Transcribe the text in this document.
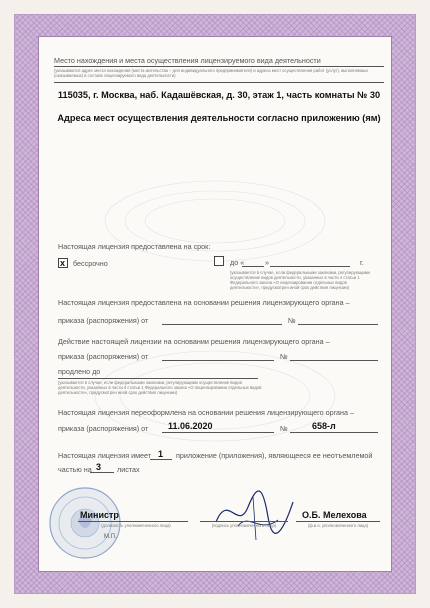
Место нахождения и места осуществления лицензируемого вида деятельности
(указываются адрес места нахождения (места жительства – для индивидуального предпринимателя) и адреса мест осуществления работ (услуг), выполняемых (оказываемых) в составе лицензируемого вида деятельности)
115035, г. Москва, наб. Кадашёвская, д. 30, этаж 1, часть комнаты № 30
Адреса мест осуществления деятельности согласно приложению (ям)
Настоящая лицензия предоставлена на срок:
x бессрочно	до «	»	г.
(указывается в случае, если федеральными законами, регулирующими осуществление видов деятельности, указанных в части 4 статьи 1 Федерального закона «О лицензировании отдельных видов деятельности», предусмотрен иной срок действия лицензии)
Настоящая лицензия предоставлена на основании решения лицензирующего органа –
приказа (распоряжения) от	№
Действие настоящей лицензии на основании решения лицензирующего органа –
приказа (распоряжения) от	№
продлено до
(указывается в случае, если федеральными законами, регулирующими осуществление видов деятельности, указанных в части 4 статьи 1 Федерального закона «О лицензировании отдельных видов деятельности», предусмотрен иной срок действия лицензии)
Настоящая лицензия переоформлена на основании решения лицензирующего органа –
приказа (распоряжения) от 11.06.2020	№	658-л
Настоящая лицензия имеет 1 приложение (приложения), являющееся ее неотъемлемой
частью на 3 листах
Министр
(должность уполномоченного лица)
М.П.
(подпись уполномоченного лица)
О.Б. Мелехова
(ф.и.о. уполномоченного лица)
